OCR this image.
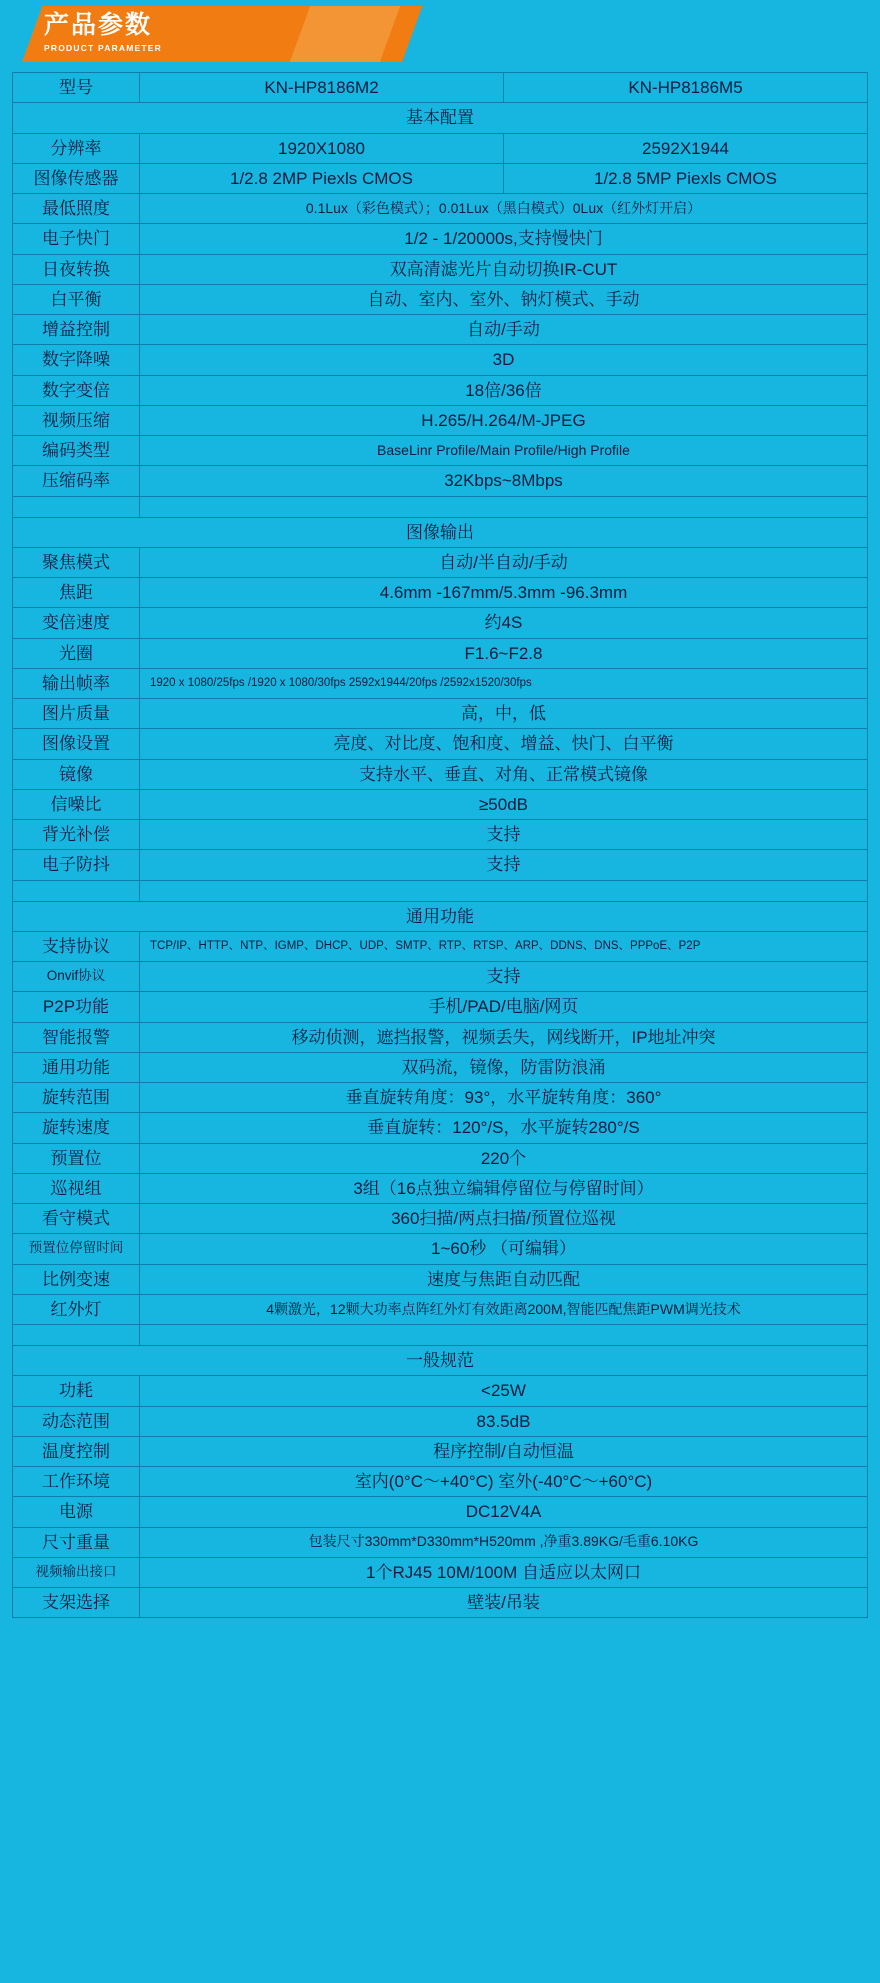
产品参数
PRODUCT PARAMETER
型号	KN-HP8186M2	KN-HP8186M5
基本配置		
分辨率	1920X1080	2592X1944
图像传感器	1/2.8 2MP Piexls CMOS	1/2.8 5MP Piexls CMOS
最低照度	0.1Lux（彩色模式）；0.01Lux（黑白模式）0Lux（红外灯开启）	
电子快门	1/2 - 1/20000s,支持慢快门	
日夜转换	双高清滤光片自动切换IR-CUT	
白平衡	自动、室内、室外、钠灯模式、手动	
增益控制	自动/手动	
数字降噪	3D	
数字变倍	18倍/36倍	
视频压缩	H.265/H.264/M-JPEG	
编码类型	BaseLinr Profile/Main Profile/High Profile	
压缩码率	32Kbps~8Mbps	

图像输出		
聚焦模式	自动/半自动/手动	
焦距	4.6mm -167mm/5.3mm -96.3mm	
变倍速度	约4S	
光圈	F1.6~F2.8	
输出帧率	1920 x 1080/25fps /1920 x 1080/30fps 2592x1944/20fps /2592x1520/30fps	
图片质量	高，中，低	
图像设置	亮度、对比度、饱和度、增益、快门、白平衡	
镜像	支持水平、垂直、对角、正常模式镜像	
信噪比	≥50dB	
背光补偿	支持	
电子防抖	支持	

通用功能		
支持协议	TCP/IP、HTTP、NTP、IGMP、DHCP、UDP、SMTP、RTP、RTSP、ARP、DDNS、DNS、PPPoE、P2P	
Onvif协议	支持	
P2P功能	手机/PAD/电脑/网页	
智能报警	移动侦测，遮挡报警，视频丢失，网线断开，IP地址冲突	
通用功能	双码流，镜像，防雷防浪涌	
旋转范围	垂直旋转角度：93°，水平旋转角度：360°	
旋转速度	垂直旋转：120°/S，水平旋转280°/S	
预置位	220个	
巡视组	3组（16点独立编辑停留位与停留时间）	
看守模式	360扫描/两点扫描/预置位巡视	
预置位停留时间	1~60秒 （可编辑）	
比例变速	速度与焦距自动匹配	
红外灯	4颗激光，12颗大功率点阵红外灯有效距离200M,智能匹配焦距PWM调光技术	

一般规范		
功耗	<25W	
动态范围	83.5dB	
温度控制	程序控制/自动恒温	
工作环境	室内(0°C～+40°C) 室外(-40°C～+60°C)	
电源	DC12V4A	
尺寸重量	包装尺寸330mm*D330mm*H520mm ,净重3.89KG/毛重6.10KG	
视频输出接口	1个RJ45 10M/100M 自适应以太网口	
支架选择	壁装/吊装	
